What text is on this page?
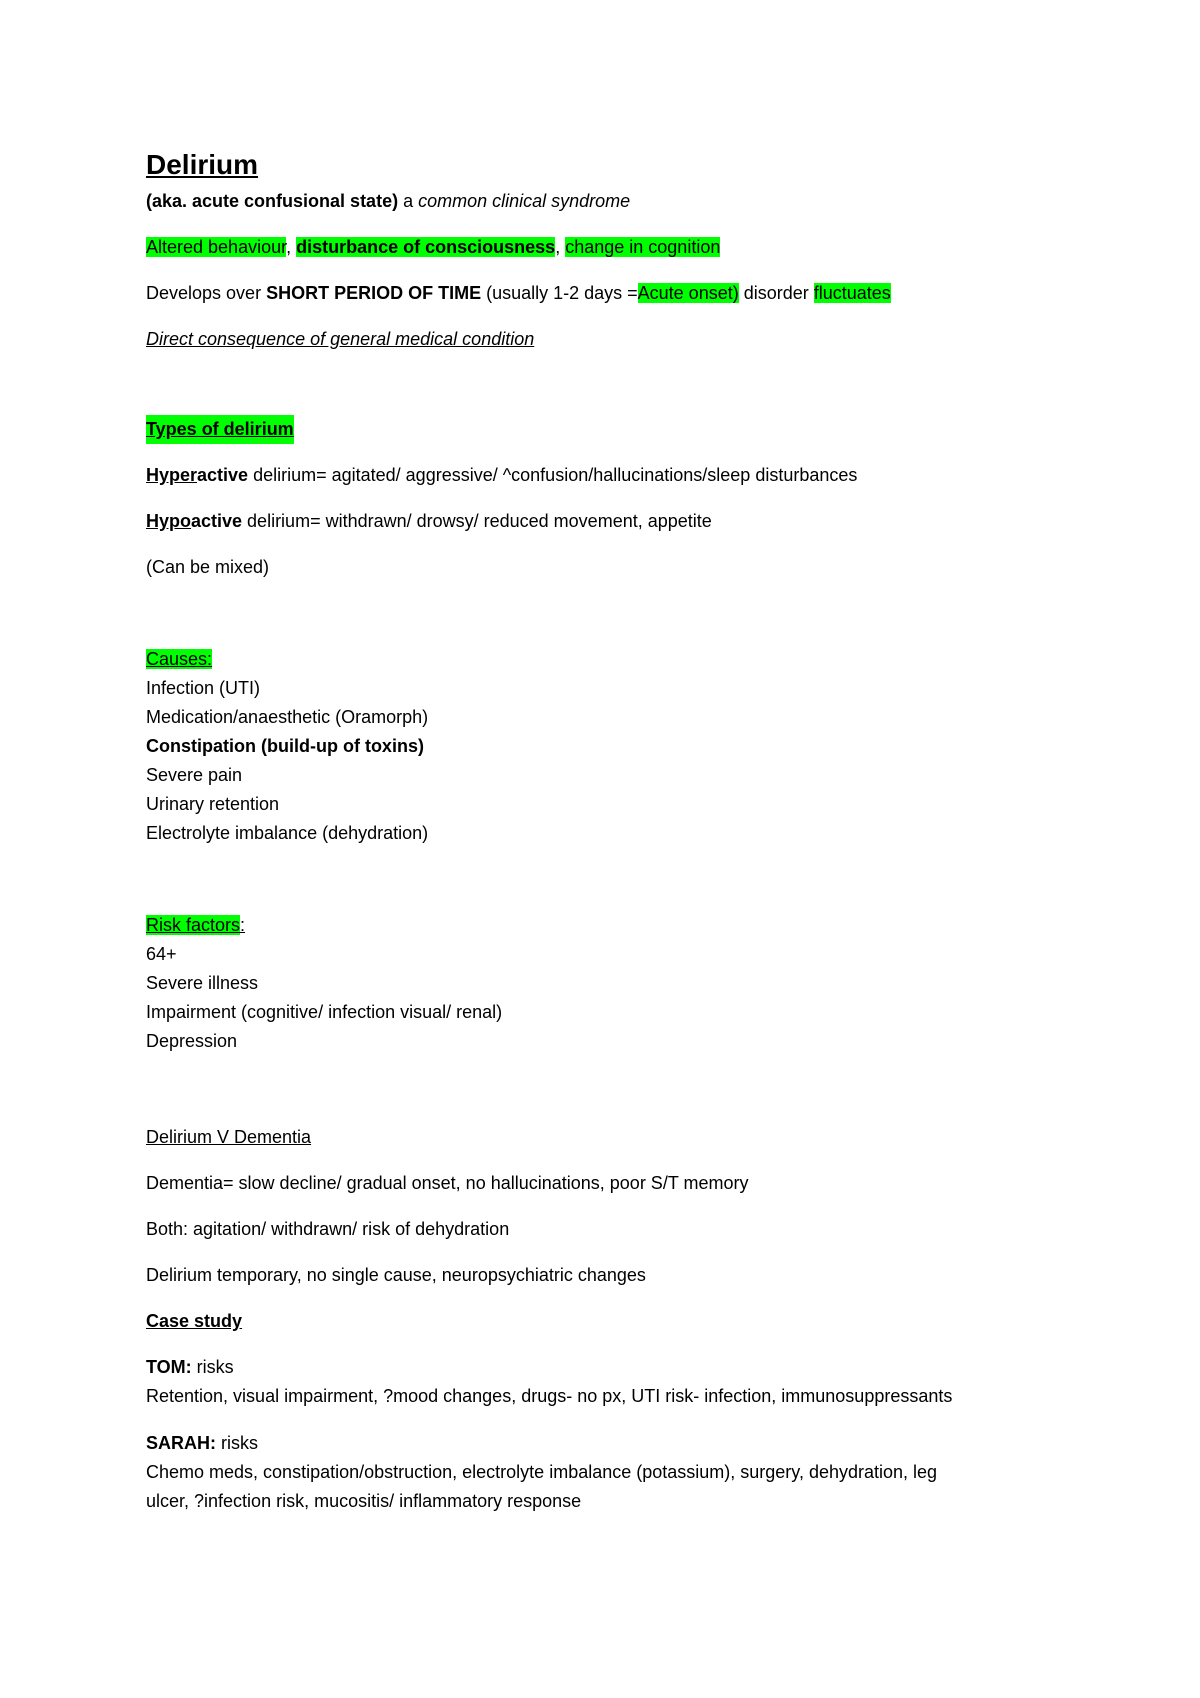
Delirium
(aka. acute confusional state) a common clinical syndrome
Altered behaviour, disturbance of consciousness, change in cognition
Develops over SHORT PERIOD OF TIME (usually 1-2 days =Acute onset) disorder fluctuates
Direct consequence of general medical condition
Types of delirium
Hyperactive delirium= agitated/ aggressive/ ^confusion/hallucinations/sleep disturbances
Hypoactive delirium= withdrawn/ drowsy/ reduced movement, appetite
(Can be mixed)
Causes:
Infection (UTI)
Medication/anaesthetic (Oramorph)
Constipation (build-up of toxins)
Severe pain
Urinary retention
Electrolyte imbalance (dehydration)
Risk factors:
64+
Severe illness
Impairment (cognitive/ infection visual/ renal)
Depression
Delirium V Dementia
Dementia= slow decline/ gradual onset, no hallucinations, poor S/T memory
Both: agitation/ withdrawn/ risk of dehydration
Delirium temporary, no single cause, neuropsychiatric changes
Case study
TOM: risks
Retention, visual impairment, ?mood changes, drugs- no px, UTI risk- infection, immunosuppressants
SARAH: risks
Chemo meds, constipation/obstruction, electrolyte imbalance (potassium), surgery, dehydration, leg
ulcer, ?infection risk, mucositis/ inflammatory response
